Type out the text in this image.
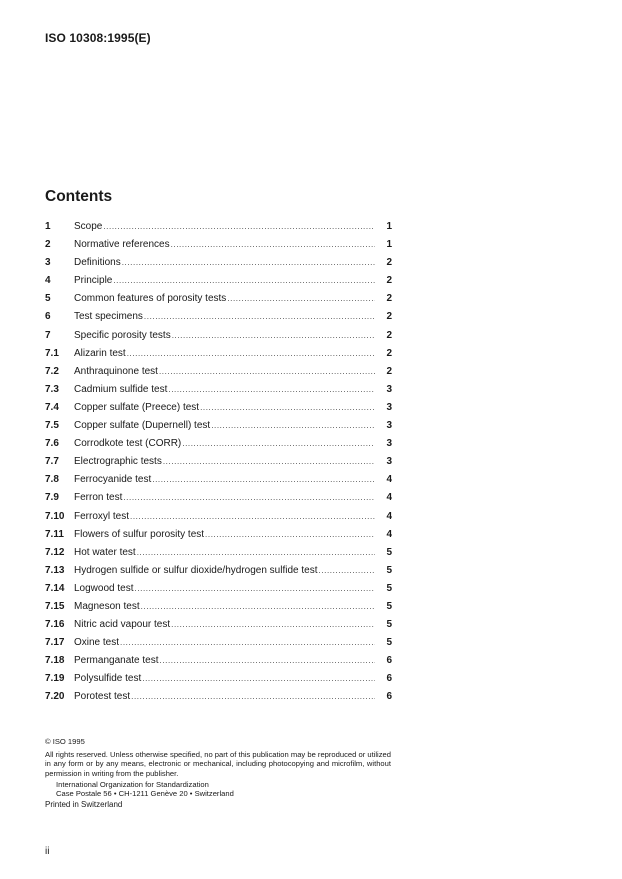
ISO 10308:1995(E)
Contents
1	Scope .....	1
2	Normative references .....	1
3	Definitions .....	2
4	Principle .....	2
5	Common features of porosity tests .....	2
6	Test specimens .....	2
7	Specific porosity tests .....	2
7.1	Alizarin test .....	2
7.2	Anthraquinone test .....	2
7.3	Cadmium sulfide test .....	3
7.4	Copper sulfate (Preece) test .....	3
7.5	Copper sulfate (Dupernell) test .....	3
7.6	Corrodkote test (CORR) .....	3
7.7	Electrographic tests .....	3
7.8	Ferrocyanide test .....	4
7.9	Ferron test .....	4
7.10 Ferroxyl test .....	4
7.11	Flowers of sulfur porosity test .....	4
7.12 Hot water test .....	5
7.13 Hydrogen sulfide or sulfur dioxide/hydrogen sulfide test .....	5
7.14 Logwood test .....	5
7.15 Magneson test .....	5
7.16 Nitric acid vapour test .....	5
7.17 Oxine test .....	5
7.18 Permanganate test .....	6
7.19 Polysulfide test .....	6
7.20 Porotest test .....	6
© ISO 1995
All rights reserved. Unless otherwise specified, no part of this publication may be reproduced or utilized in any form or by any means, electronic or mechanical, including photocopying and microfilm, without permission in writing from the publisher.
International Organization for Standardization
Case Postale 56 • CH-1211 Genève 20 • Switzerland
Printed in Switzerland
ii
